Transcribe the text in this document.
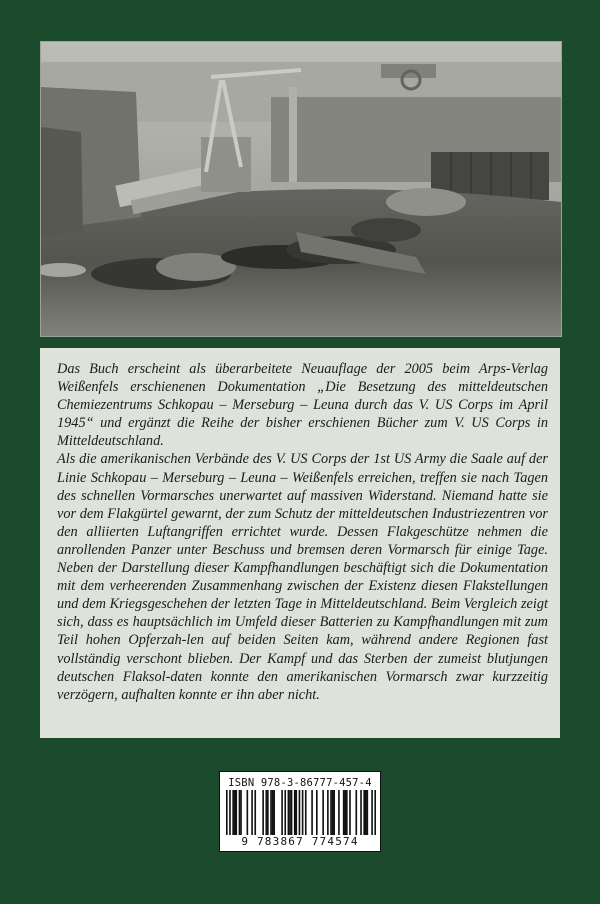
Das Buch erscheint als überarbeitete Neuauflage der 2005 beim Arps-Verlag Weißenfels erschienenen Dokumentation „Die Besetzung des mitteldeutschen Chemiezentrums Schkopau – Merseburg – Leuna durch das V. US Corps im April 1945“ und ergänzt die Reihe der bisher erschienen Bücher zum V. US Corps in Mitteldeutschland.

Als die amerikanischen Verbände des V. US Corps der 1st US Army die Saale auf der Linie Schkopau – Merseburg – Leuna – Weißenfels erreichen, treffen sie nach Tagen des schnellen Vormarsches unerwartet auf massiven Widerstand. Niemand hatte sie vor dem Flakgürtel gewarnt, der zum Schutz der mitteldeutschen Industriezentren vor den alliierten Luftangriffen errichtet wurde. Dessen Flakgeschütze nehmen die anrollenden Panzer unter Beschuss und bremsen deren Vormarsch für einige Tage. Neben der Darstellung dieser Kampfhandlungen beschäftigt sich die Dokumentation mit dem verheerenden Zusammenhang zwischen der Existenz diesen Flakstellungen und dem Kriegsgeschehen der letzten Tage in Mitteldeutschland. Beim Vergleich zeigt sich, dass es hauptsächlich im Umfeld dieser Batterien zu Kampfhandlungen mit zum Teil hohen Opferzah-len auf beiden Seiten kam, während andere Regionen fast vollständig verschont blieben. Der Kampf und das Sterben der zumeist blutjungen deutschen Flaksol-daten konnte den amerikanischen Vormarsch zwar kurzzeitig verzögern, aufhalten konnte er ihn aber nicht.

ISBN 978-3-86777-457-4
9 783867 774574
